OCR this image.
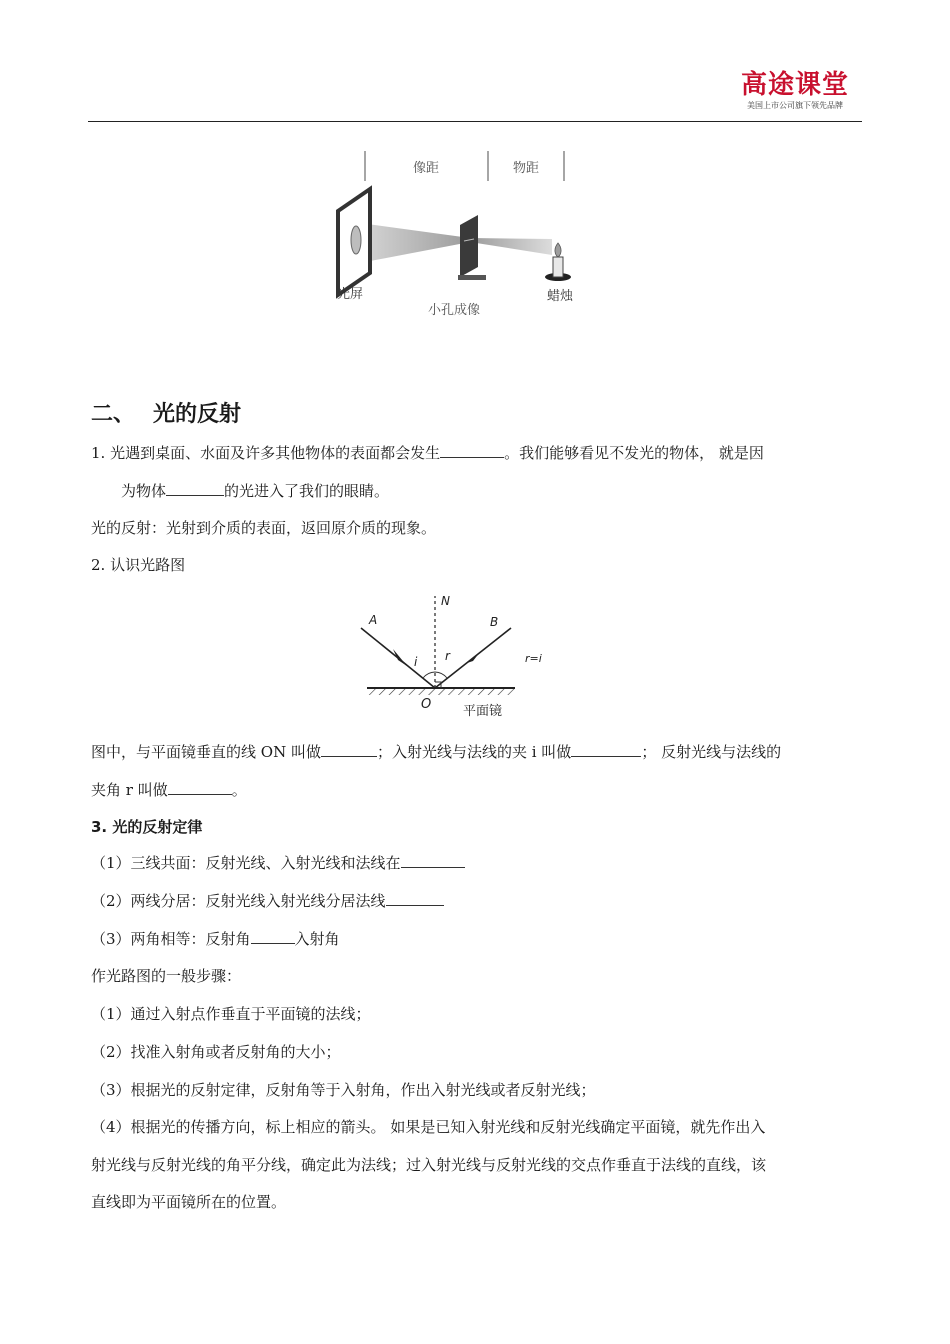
高途课堂
美国上市公司旗下领先品牌
像距	物距
光屏	蜡烛
小孔成像
二、 光的反射
1. 光遇到桌面、水面及许多其他物体的表面都会发生	。我们能够看见不发光的物体， 就是因
为物体	的光进入了我们的眼睛。
光的反射：光射到介质的表面，返回原介质的现象。
2. 认识光路图
N
A	B
i r
O
r=i
平面镜
图中，与平面镜垂直的线 ON 叫做	；入射光线与法线的夹 i 叫做	； 反射光线与法线的
夹角 r 叫做	。
3. 光的反射定律
（1）三线共面：反射光线、入射光线和法线在
（2）两线分居：反射光线入射光线分居法线
（3）两角相等：反射角	入射角
作光路图的一般步骤：
（1）通过入射点作垂直于平面镜的法线；
（2）找准入射角或者反射角的大小；
（3）根据光的反射定律，反射角等于入射角，作出入射光线或者反射光线；
（4）根据光的传播方向，标上相应的箭头。 如果是已知入射光线和反射光线确定平面镜，就先作出入
射光线与反射光线的角平分线，确定此为法线；过入射光线与反射光线的交点作垂直于法线的直线，该
直线即为平面镜所在的位置。
